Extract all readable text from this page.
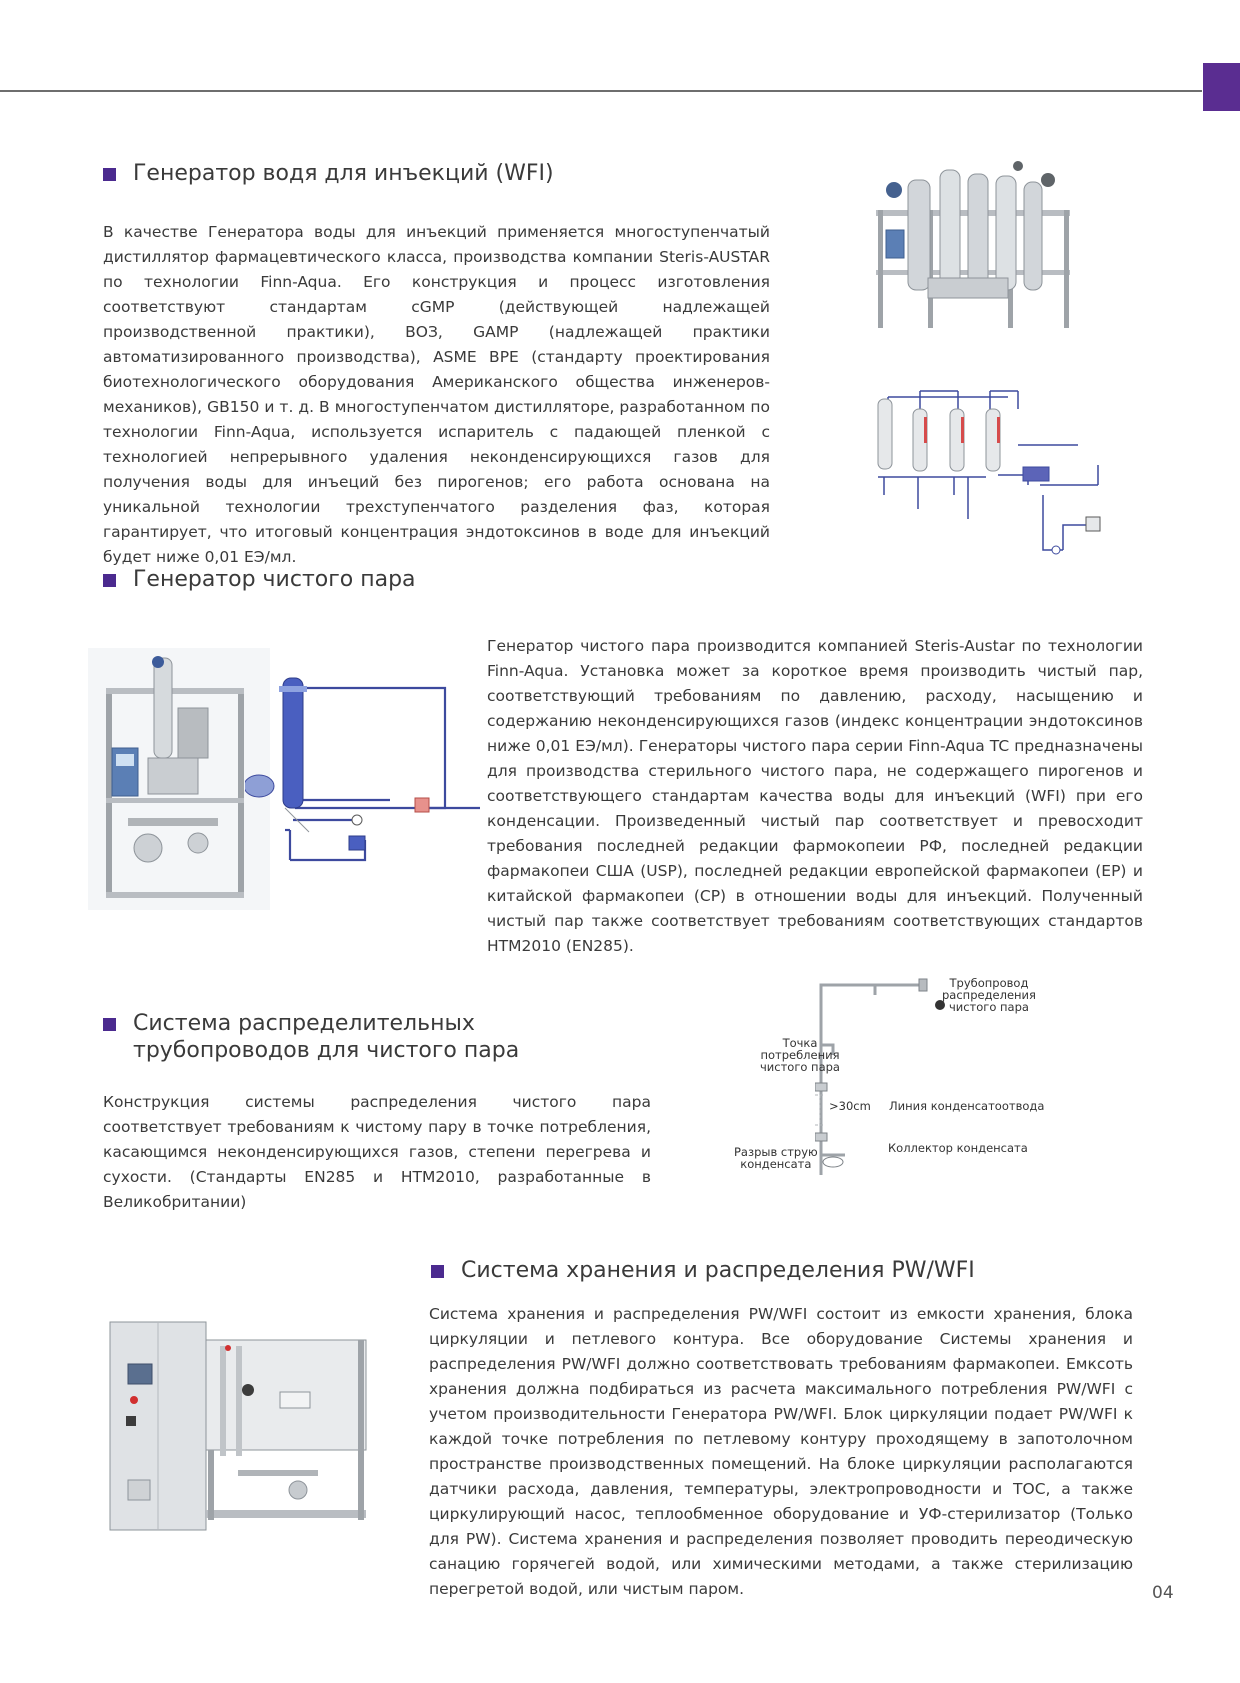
Генератор водя для инъекций (WFI)

В качестве Генератора воды для инъекций применяется многоступенчатый дистиллятор фармацевтического класса, производства компании Steris-AUSTAR по технологии Finn-Aqua. Его конструкция и процесс изготовления соответствуют стандартам cGMP (действующей надлежащей производственной практики), ВОЗ, GAMP (надлежащей практики автоматизированного производства), ASME BPE (стандарту проектирования биотехнологического оборудования Американского общества инженеров-механиков), GB150 и т. д. В многоступенчатом дистилляторе, разработанном по технологии Finn-Aqua, используется испаритель с падающей пленкой с технологией непрерывного удаления неконденсирующихся газов для получения воды для инъеций без пирогенов; его работа основана на уникальной технологии трехступенчатого разделения фаз, которая гарантирует, что итоговый концентрация эндотоксинов в воде для инъекций будет ниже 0,01 ЕЭ/мл.

Генератор чистого пара

Генератор чистого пара производится компанией Steris-Austar по технологии Finn-Aqua. Установка может за короткое время производить чистый пар, соответствующий требованиям по давлению, расходу, насыщению и содержанию неконденсирующихся газов (индекс концентрации эндотоксинов ниже 0,01 ЕЭ/мл). Генераторы чистого пара серии Finn-Aqua TC предназначены для производства стерильного чистого пара, не содержащего пирогенов и соответствующего стандартам качества воды для инъекций (WFI) при его конденсации. Произведенный чистый пар соответствует и превосходит требования последней редакции фармокопеии РФ, последней редакции фармакопеи США (USP), последней редакции европейской фармакопеи (EP) и китайской фармакопеи (CP) в отношении воды для инъекций. Полученный чистый пар также соответствует требованиям соответствующих стандартов HTM2010 (EN285).

Система распределительных
трубопроводов для чистого пара

Конструкция системы распределения чистого пара соответствует требованиям к чистому пару в точке потребления, касающимся неконденсирующихся газов, степени перегрева и сухости. (Стандарты EN285 и HTM2010, разработанные в Великобритании)

Трубопровод
распределения
чистого пара
Точка
потребления
чистого пара
>30cm Линия конденсатоотвода
Разрыв струю
конденсата
Коллектор конденсата
Система хранения и распределения PW/WFI

Система хранения и распределения PW/WFI состоит из емкости хранения, блока циркуляции и петлевого контура. Все оборудование Системы хранения и распределения PW/WFI должно соответствовать требованиям фармакопеи. Емксоть хранения должна подбираться из расчета максимального потребления PW/WFI с учетом производительности Генератора PW/WFI. Блок циркуляции подает PW/WFI к каждой точке потребления по петлевому контуру проходящему в запотолочном пространстве производственных помещений. На блоке циркуляции располагаются датчики расхода, давления, температуры, электропроводности и TOC, а также циркулирующий насос, теплообменное оборудование и УФ-стерилизатор (Только для PW). Система хранения и распределения позволяет проводить переодическую санацию горячегей водой, или химическими методами, а также стерилизацию перегретой водой, или чистым паром.	04
